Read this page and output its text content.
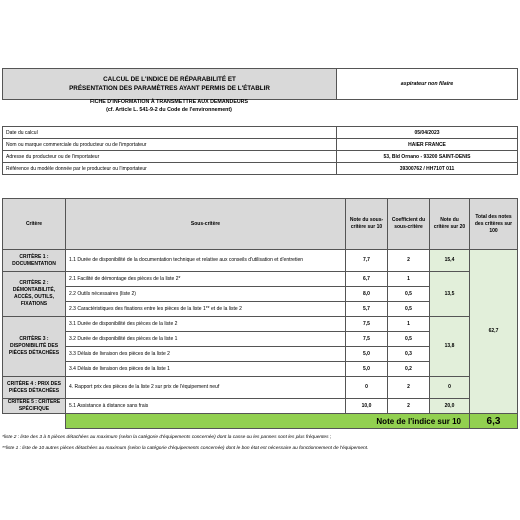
CALCUL DE L'INDICE DE RÉPARABILITÉ ET
PRÉSENTATION DES PARAMÈTRES AYANT PERMIS DE L'ÉTABLIR
	aspirateur non filaire
FICHE D'INFORMATION À TRANSMETTRE AUX DEMANDEURS
(cf. Article L. 541-9-2 du Code de l'environnement)
Date du calcul	05/04/2023
Nom ou marque commerciale du producteur ou de l'importateur	HAIER FRANCE
Adresse du producteur ou de l'importateur	53, Bld Ornano - 93200 SAINT-DENIS
Référence du modèle donnée par le producteur ou l'importateur	39300762 / HH710T 011
Critère	Sous-critère	Note du sous-critère sur 10	Coefficient du sous-critère	Note du critère sur 20	Total des notes des critères sur 100
CRITÈRE 1 : DOCUMENTATION	1.1 Durée de disponibilité de la documentation technique et relative aux conseils d'utilisation et d'entretien	7,7	2	15,4	62,7
CRITÈRE 2 : DÉMONTABILITÉ, ACCÈS, OUTILS, FIXATIONS	2.1 Facilité de démontage des pièces de la liste 2*	6,7	1	13,5	
	2.2 Outils nécessaires (liste 2)	8,0	0,5		
	2.3 Caractéristiques des fixations entre les pièces de la liste 1** et de la liste 2	5,7	0,5		
CRITÈRE 3 : DISPONIBILITÉ DES PIÈCES DÉTACHÉES	3.1 Durée de disponibilité des pièces de la liste 2	7,5	1	13,8	
	3.2 Durée de disponibilité des pièces de la liste 1	7,5	0,5		
	3.3 Délais de livraison des pièces de la liste 2	5,0	0,3		
	3.4 Délais de livraison des pièces de la liste 1	5,0	0,2		
CRITÈRE 4 : PRIX DES PIÈCES DÉTACHÉES	4. Rapport prix des pièces de la liste 2 sur prix de l'équipement neuf	0	2	0	
CRITÈRE 5 : CRITÈRE SPÉCIFIQUE	5.1 Assistance à distance sans frais	10,0	2	20,0	
	Note de l'indice sur 10				6,3
*liste 2 : liste des 3 à 5 pièces détachées au maximum (selon la catégorie d'équipements concernée) dont la casse ou les pannes sont les plus fréquentes ;
**liste 1 : liste de 10 autres pièces détachées au maximum (selon la catégorie d'équipements concernée) dont le bon état est nécessaire au fonctionnement de l'équipement.
